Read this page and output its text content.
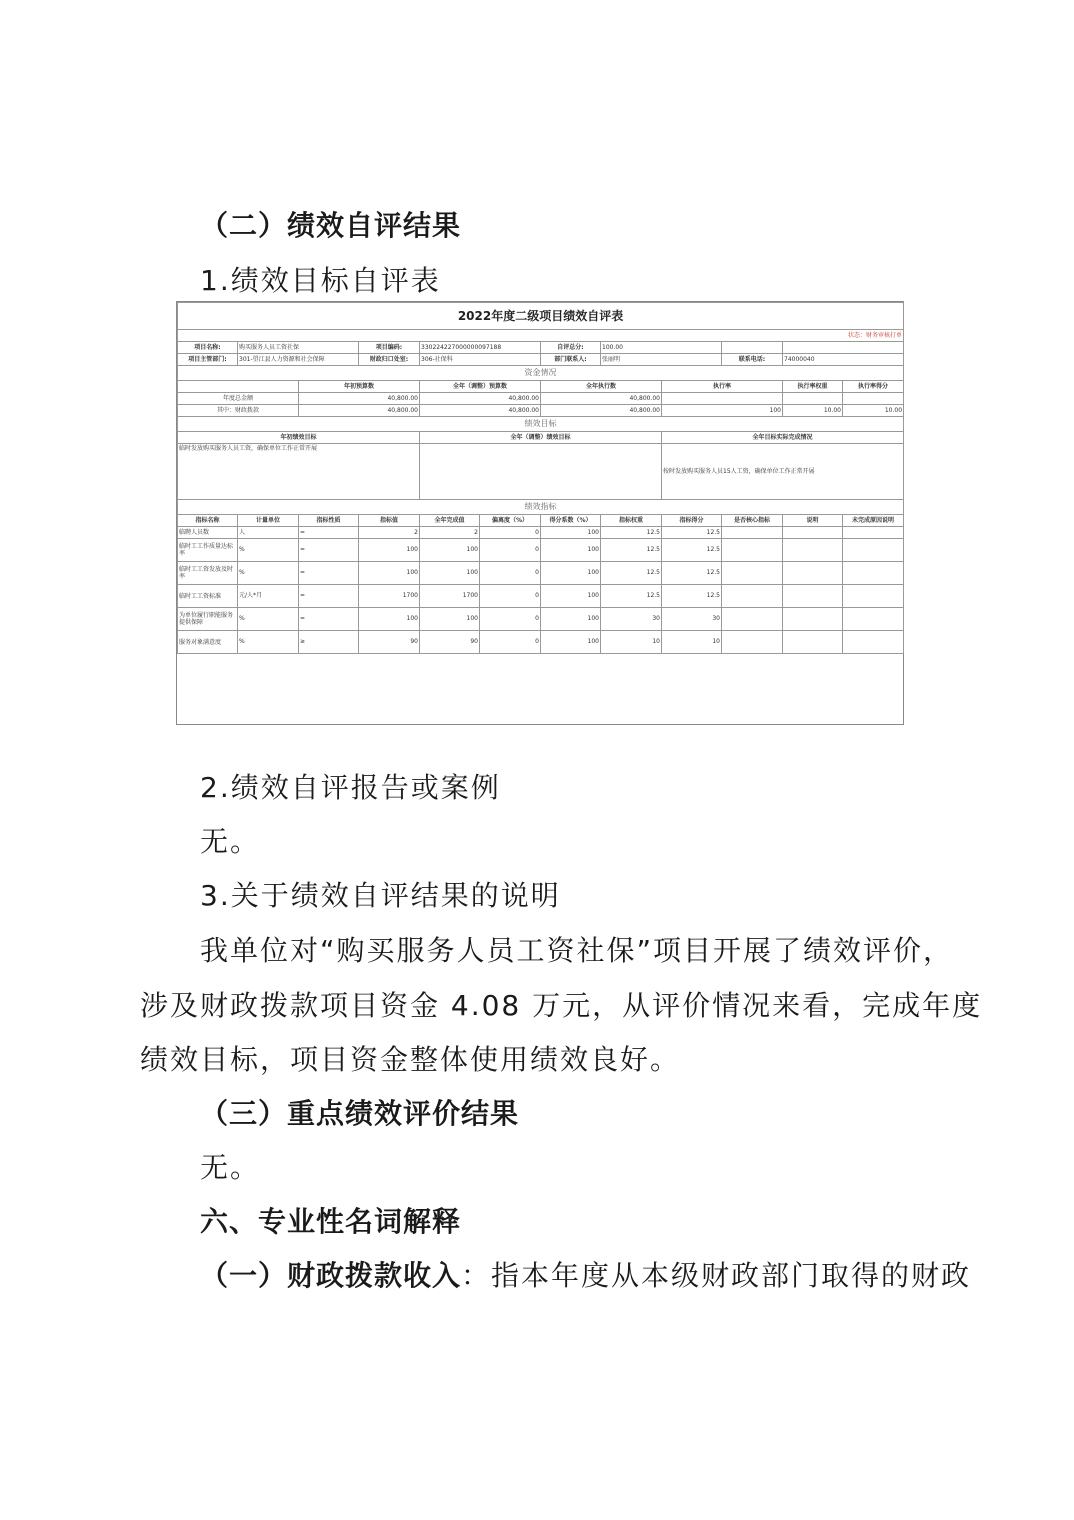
（二）绩效自评结果

1.绩效目标自评表

2022年度二级项目绩效自评表											
状态：财务审核打单											
项目名称:	购买服务人员工资社保		项目编码:	330224227000000097188		自评总分:	100.00				
项目主管部门:	301-望江县人力资源和社会保障		财政归口处室:	306-社保科		部门联系人:	张丽明		联系电话:	74000040	
资金情况											
		年初预算数		全年（调整）预算数		全年执行数		执行率		执行率权重	执行率得分
年度总金额		40,800.00		40,800.00		40,800.00					
其中：财政拨款		40,800.00		40,800.00		40,800.00		100		10.00	10.00
绩效目标											
年初绩效目标				全年（调整）绩效目标				全年目标实际完成情况			
临时发放购买服务人员工资，确保单位工作正常开展								按时发放购买服务人员15人工资，确保单位工作正常开展			
绩效指标											
指标名称	计量单位	指标性质	指标值	全年完成值	偏离度（%）	得分系数（%）	指标权重	指标得分	是否核心指标	说明	未完成原因说明
临聘人员数	人	=	2	2	0	100	12.5	12.5			
临时工工作质量达标率	%	=	100	100	0	100	12.5	12.5			
临时工工资发放及时率	%	=	100	100	0	100	12.5	12.5			
临时工工资标准	元/人*月	=	1700	1700	0	100	12.5	12.5			
为单位履行职能服务提供保障	%	=	100	100	0	100	30	30			
服务对象满意度	%	≥	90	90	0	100	10	10			

2.绩效自评报告或案例

无。

3.关于绩效自评结果的说明

我单位对“购买服务人员工资社保”项目开展了绩效评价，

涉及财政拨款项目资金 4.08 万元，从评价情况来看，完成年度

绩效目标，项目资金整体使用绩效良好。

（三）重点绩效评价结果

无。

六、专业性名词解释

（一）财政拨款收入：指本年度从本级财政部门取得的财政
